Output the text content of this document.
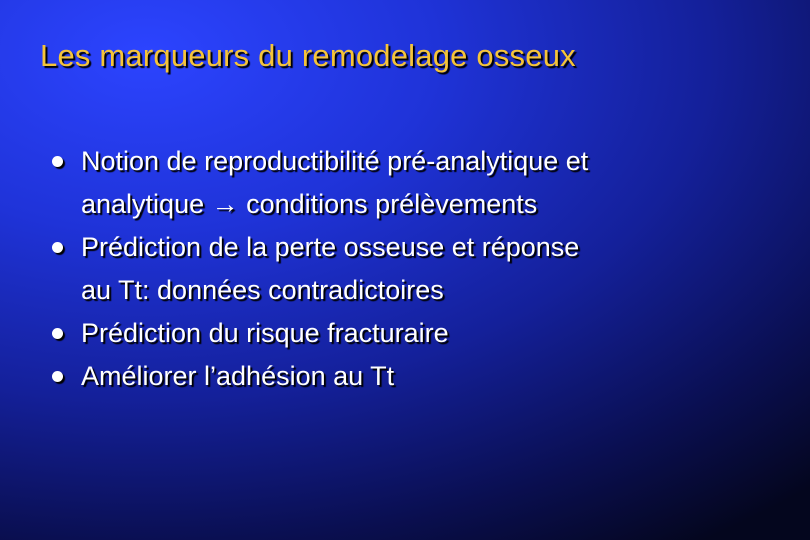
Les marqueurs du remodelage osseux
Notion de reproductibilité pré-analytique et
analytique → conditions prélèvements
Prédiction de la perte osseuse et réponse
au Tt: données contradictoires
Prédiction du risque fracturaire
Améliorer l’adhésion au Tt
